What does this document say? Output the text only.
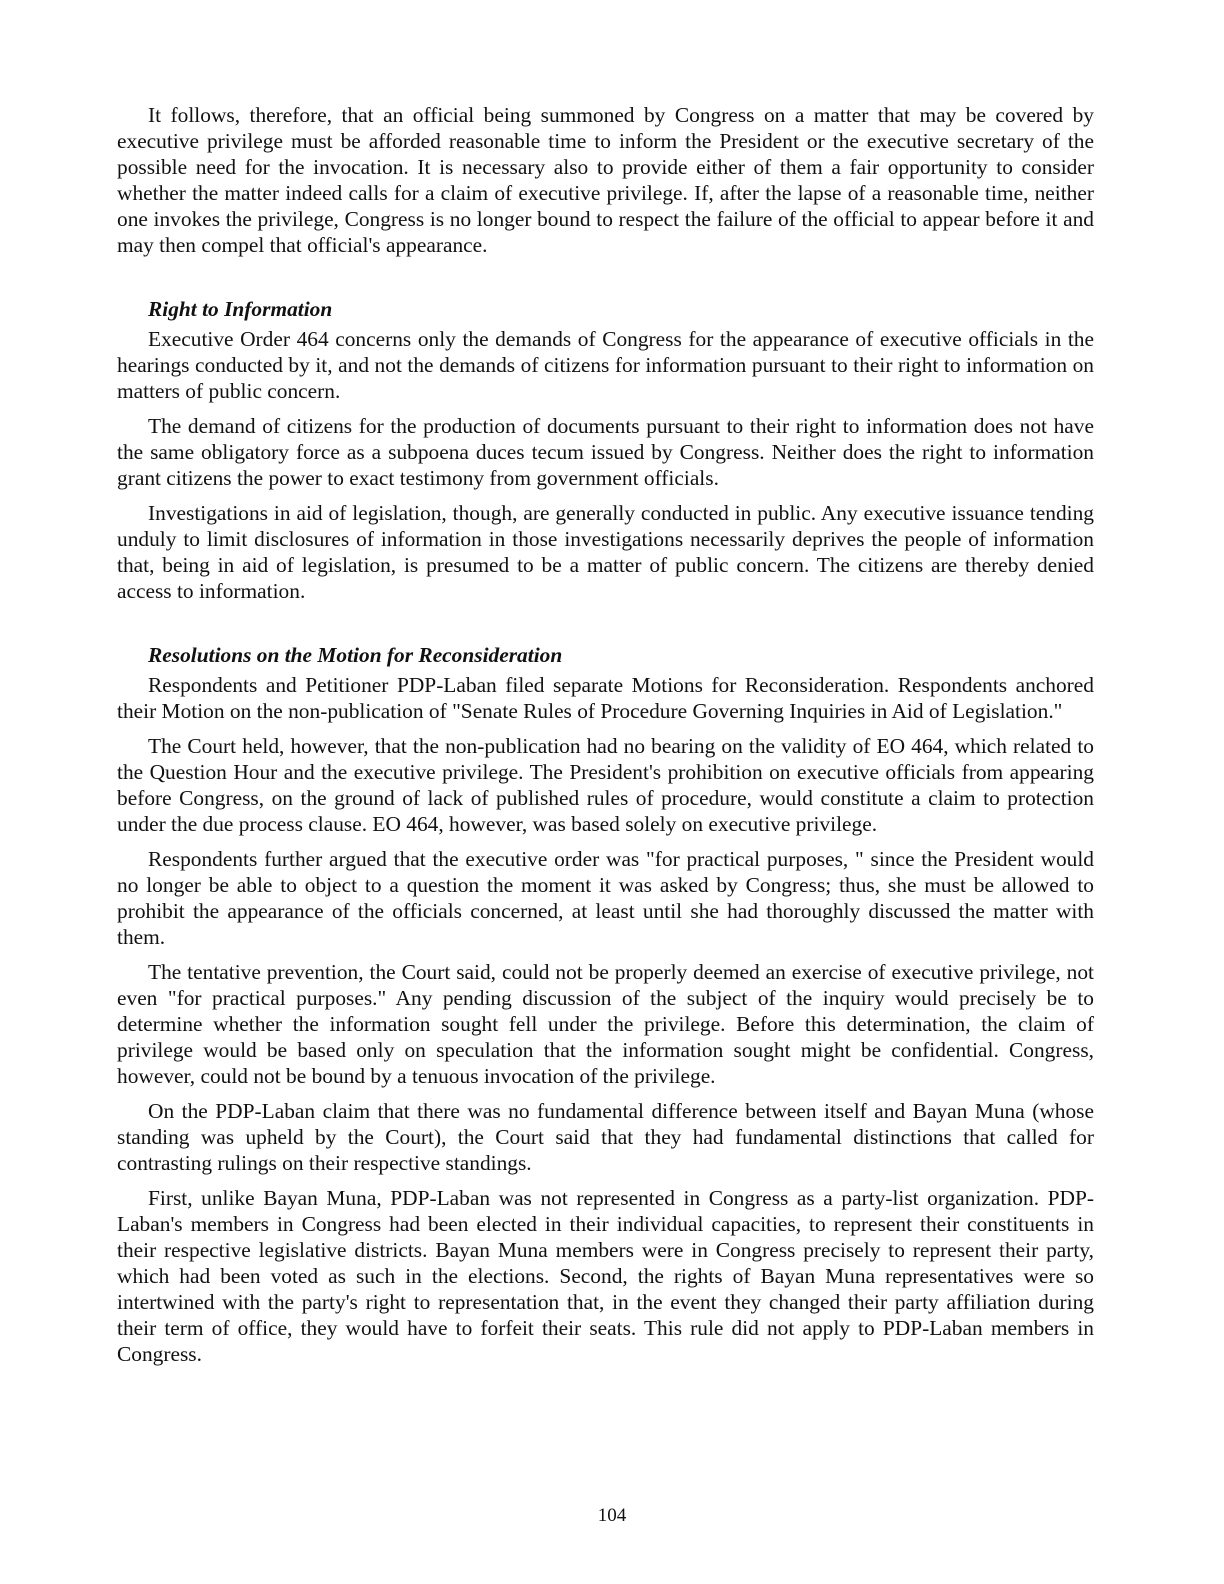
It follows, therefore, that an official being summoned by Congress on a matter that may be covered by executive privilege must be afforded reasonable time to inform the President or the executive secretary of the possible need for the invocation. It is necessary also to provide either of them a fair opportunity to consider whether the matter indeed calls for a claim of executive privilege. If, after the lapse of a reasonable time, neither one invokes the privilege, Congress is no longer bound to respect the failure of the official to appear before it and may then compel that official's appearance.

Right to Information

Executive Order 464 concerns only the demands of Congress for the appearance of executive officials in the hearings conducted by it, and not the demands of citizens for information pursuant to their right to information on matters of public concern.

The demand of citizens for the production of documents pursuant to their right to information does not have the same obligatory force as a subpoena duces tecum issued by Congress. Neither does the right to information grant citizens the power to exact testimony from government officials.

Investigations in aid of legislation, though, are generally conducted in public. Any executive issuance tending unduly to limit disclosures of information in those investigations necessarily deprives the people of information that, being in aid of legislation, is presumed to be a matter of public concern. The citizens are thereby denied access to information.

Resolutions on the Motion for Reconsideration

Respondents and Petitioner PDP-Laban filed separate Motions for Reconsideration. Respondents anchored their Motion on the non-publication of "Senate Rules of Procedure Governing Inquiries in Aid of Legislation."

The Court held, however, that the non-publication had no bearing on the validity of EO 464, which related to the Question Hour and the executive privilege. The President's prohibition on executive officials from appearing before Congress, on the ground of lack of published rules of procedure, would constitute a claim to protection under the due process clause. EO 464, however, was based solely on executive privilege.

Respondents further argued that the executive order was "for practical purposes, " since the President would no longer be able to object to a question the moment it was asked by Congress; thus, she must be allowed to prohibit the appearance of the officials concerned, at least until she had thoroughly discussed the matter with them.

The tentative prevention, the Court said, could not be properly deemed an exercise of executive privilege, not even "for practical purposes." Any pending discussion of the subject of the inquiry would precisely be to determine whether the information sought fell under the privilege. Before this determination, the claim of privilege would be based only on speculation that the information sought might be confidential. Congress, however, could not be bound by a tenuous invocation of the privilege.

On the PDP-Laban claim that there was no fundamental difference between itself and Bayan Muna (whose standing was upheld by the Court), the Court said that they had fundamental distinctions that called for contrasting rulings on their respective standings.

First, unlike Bayan Muna, PDP-Laban was not represented in Congress as a party-list organization. PDP-Laban's members in Congress had been elected in their individual capacities, to represent their constituents in their respective legislative districts. Bayan Muna members were in Congress precisely to represent their party, which had been voted as such in the elections. Second, the rights of Bayan Muna representatives were so intertwined with the party's right to representation that, in the event they changed their party affiliation during their term of office, they would have to forfeit their seats. This rule did not apply to PDP-Laban members in Congress.

104
